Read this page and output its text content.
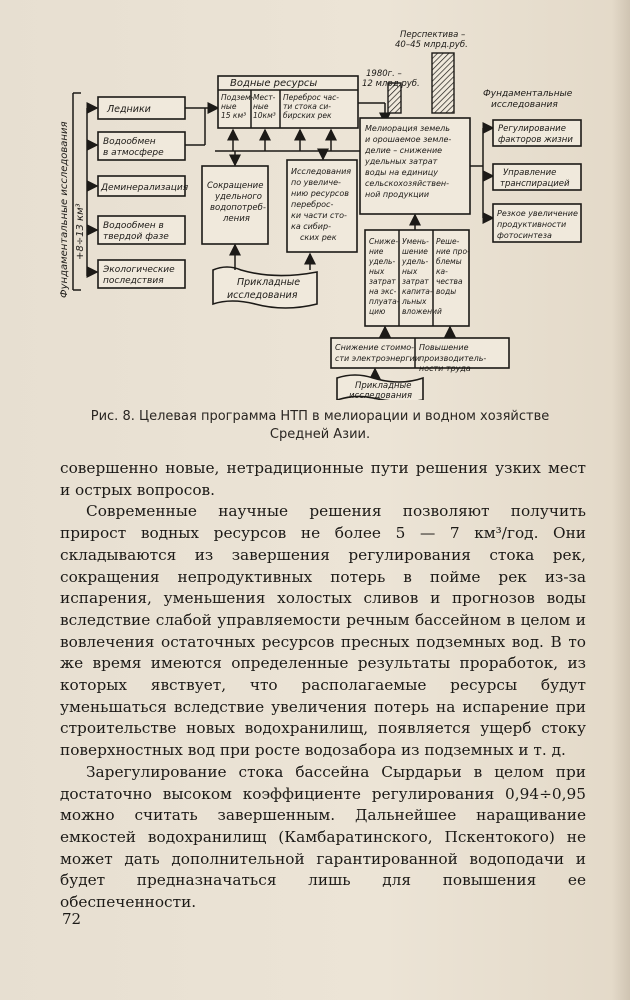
Фундаментальные исследования +8÷13 км³
Ледники
Водообмен в атмосфере
Деминерализация
Водообмен в твердой фазе
Экологические последствия
Водные ресурсы
Подзем-ные 15 км³
Мест-ные 10км³
Переброс час-ти стока си-бирских рек
Сокращение удельного водопотреб-ления
Исследования по увеличе-нию ресурсов переброс-ки части сто-ка сибир-ских рек
Прикладные исследования
1980г. – 12 млрд.руб.
Перспектива – 40–45 млрд.руб.
Фундаментальные исследования
Мелиорация земель и орошаемое земле-делие – снижение удельных затрат воды на единицу сельскохозяйствен-ной продукции
Регулирование факторов жизни
Управление транспирацией
Резкое увеличение продуктивности фотосинтеза
Сниже-ние удель-ных затрат на экс-плуата-цию
Умень-шение удель-ных затрат капита-льных вложений
Реше-ние про-блемы ка-чества воды
Снижение стоимо-сти электроэнергии
Повышение производитель-ности труда
Прикладные исследования
Рис. 8. Целевая программа НТП в мелиорации и водном хозяйстве Средней Азии.

совершенно новые, нетрадиционные пути решения узких мест и острых вопросов.

Современные научные решения позволяют получить прирост водных ресурсов не более 5 — 7 км³/год. Они складываются из завершения регулирования стока рек, сокращения непродуктивных потерь в пойме рек из-за испарения, уменьшения холостых сливов и прогнозов воды вследствие слабой управляемости речным бассейном в целом и вовлечения остаточных ресурсов пресных подземных вод. В то же время имеются определенные результаты проработок, из которых явствует, что располагаемые ресурсы будут уменьшаться вследствие увеличения потерь на испарение при строительстве новых водохранилищ, появляется ущерб стоку поверхностных вод при росте водозабора из подземных и т. д.

Зарегулирование стока бассейна Сырдарьи в целом при достаточно высоком коэффициенте регулирования 0,94÷0,95 можно считать завершенным. Дальнейшее наращивание емкостей водохранилищ (Камбаратинского, Пскентокого) не может дать дополнительной гарантированной водоподачи и будет предназначаться лишь для повышения ее обеспеченности.

72
